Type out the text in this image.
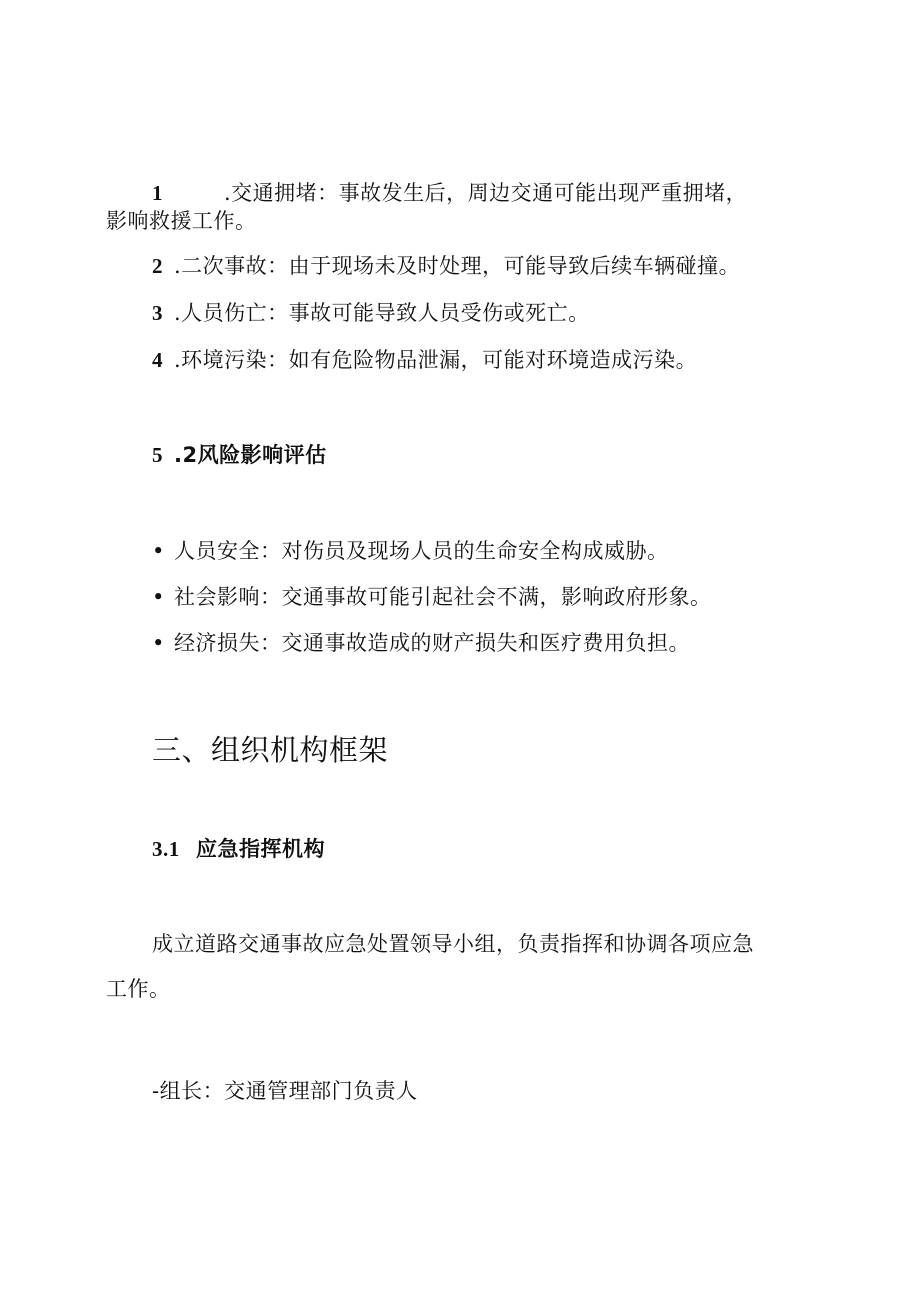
1	.交通拥堵：事故发生后，周边交通可能出现严重拥堵，
影响救援工作。
2 .二次事故：由于现场未及时处理，可能导致后续车辆碰撞。
3 .人员伤亡：事故可能导致人员受伤或死亡。
4 .环境污染：如有危险物品泄漏，可能对环境造成污染。
5 .2风险影响评估
• 人员安全：对伤员及现场人员的生命安全构成威胁。
• 社会影响：交通事故可能引起社会不满，影响政府形象。
• 经济损失：交通事故造成的财产损失和医疗费用负担。
三、组织机构框架
3.1 应急指挥机构
成立道路交通事故应急处置领导小组，负责指挥和协调各项应急
工作。
-组长：交通管理部门负责人
